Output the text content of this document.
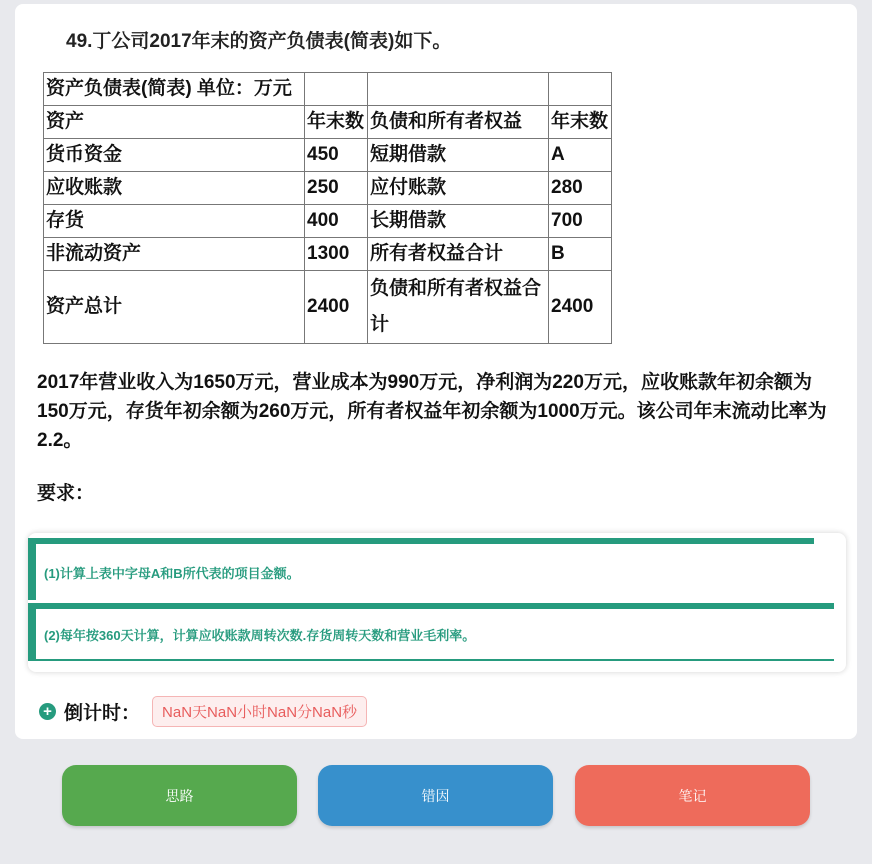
49.丁公司2017年末的资产负债表(简表)如下。
资产负债表(简表) 单位：万元			
资产	年末数	负债和所有者权益	年末数
货币资金	450	短期借款	A
应收账款	250	应付账款	280
存货	400	长期借款	700
非流动资产	1300	所有者权益合计	B
资产总计	2400	负债和所有者权益合计	2400

2017年营业收入为1650万元，营业成本为990万元，净利润为220万元，应收账款年初余额为150万元，存货年初余额为260万元，所有者权益年初余额为1000万元。该公司年末流动比率为2.2。

要求：
(1)计算上表中字母A和B所代表的项目金额。
(2)每年按360天计算，计算应收账款周转次数.存货周转天数和营业毛利率。
+ 倒计时：	NaN天NaN小时NaN分NaN秒
思路	错因	笔记
